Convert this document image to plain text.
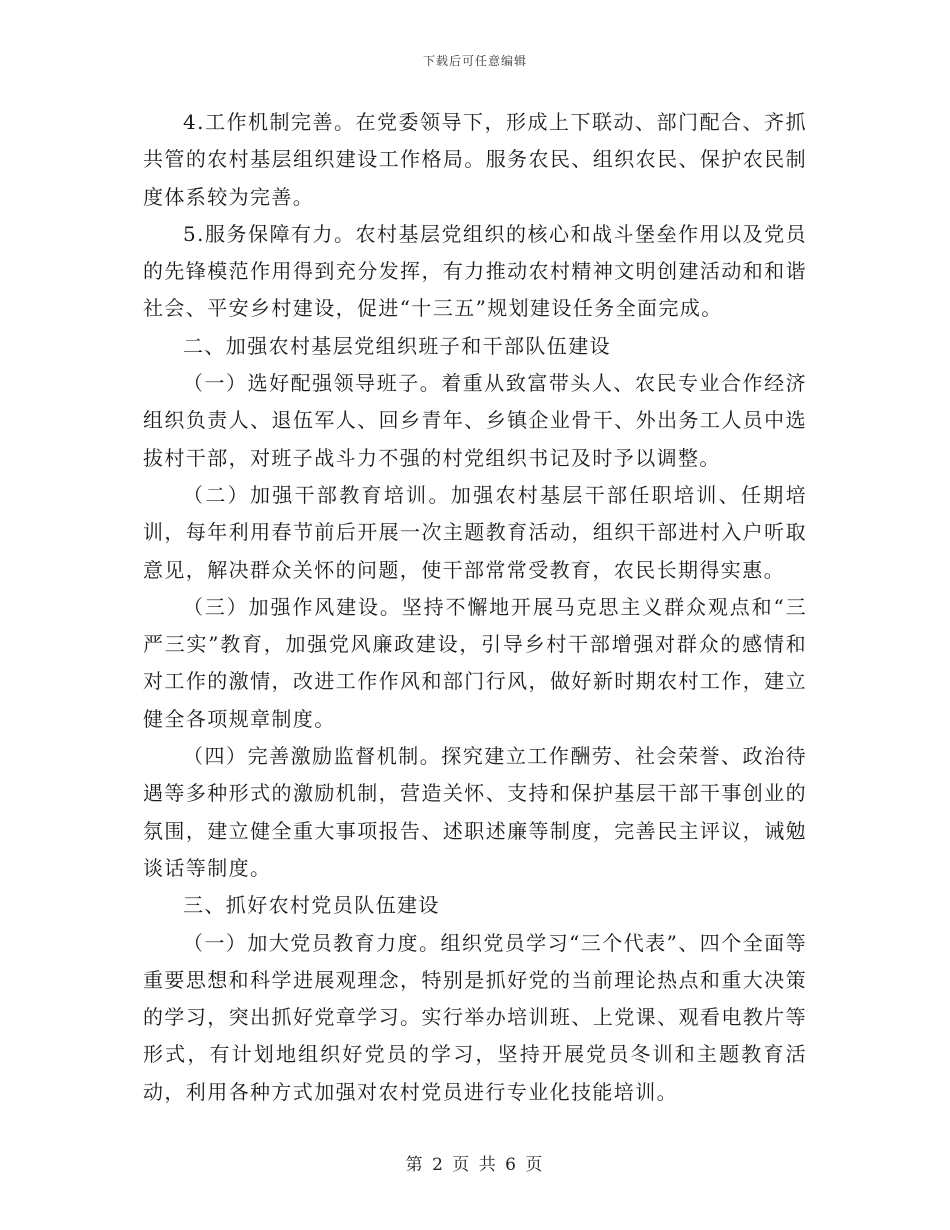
下载后可任意编辑

4.工作机制完善。在党委领导下，形成上下联动、部门配合、齐抓共管的农村基层组织建设工作格局。服务农民、组织农民、保护农民制度体系较为完善。

5.服务保障有力。农村基层党组织的核心和战斗堡垒作用以及党员的先锋模范作用得到充分发挥，有力推动农村精神文明创建活动和和谐社会、平安乡村建设，促进“十三五”规划建设任务全面完成。

二、加强农村基层党组织班子和干部队伍建设

（一）选好配强领导班子。着重从致富带头人、农民专业合作经济组织负责人、退伍军人、回乡青年、乡镇企业骨干、外出务工人员中选拔村干部，对班子战斗力不强的村党组织书记及时予以调整。

（二）加强干部教育培训。加强农村基层干部任职培训、任期培训，每年利用春节前后开展一次主题教育活动，组织干部进村入户听取意见，解决群众关怀的问题，使干部常常受教育，农民长期得实惠。

（三）加强作风建设。坚持不懈地开展马克思主义群众观点和“三严三实”教育，加强党风廉政建设，引导乡村干部增强对群众的感情和对工作的激情，改进工作作风和部门行风，做好新时期农村工作，建立健全各项规章制度。

（四）完善激励监督机制。探究建立工作酬劳、社会荣誉、政治待遇等多种形式的激励机制，营造关怀、支持和保护基层干部干事创业的氛围，建立健全重大事项报告、述职述廉等制度，完善民主评议，诫勉谈话等制度。

三、抓好农村党员队伍建设

（一）加大党员教育力度。组织党员学习“三个代表”、四个全面等重要思想和科学进展观理念，特别是抓好党的当前理论热点和重大决策的学习，突出抓好党章学习。实行举办培训班、上党课、观看电教片等形式，有计划地组织好党员的学习，坚持开展党员冬训和主题教育活动，利用各种方式加强对农村党员进行专业化技能培训。

第 2 页 共 6 页
